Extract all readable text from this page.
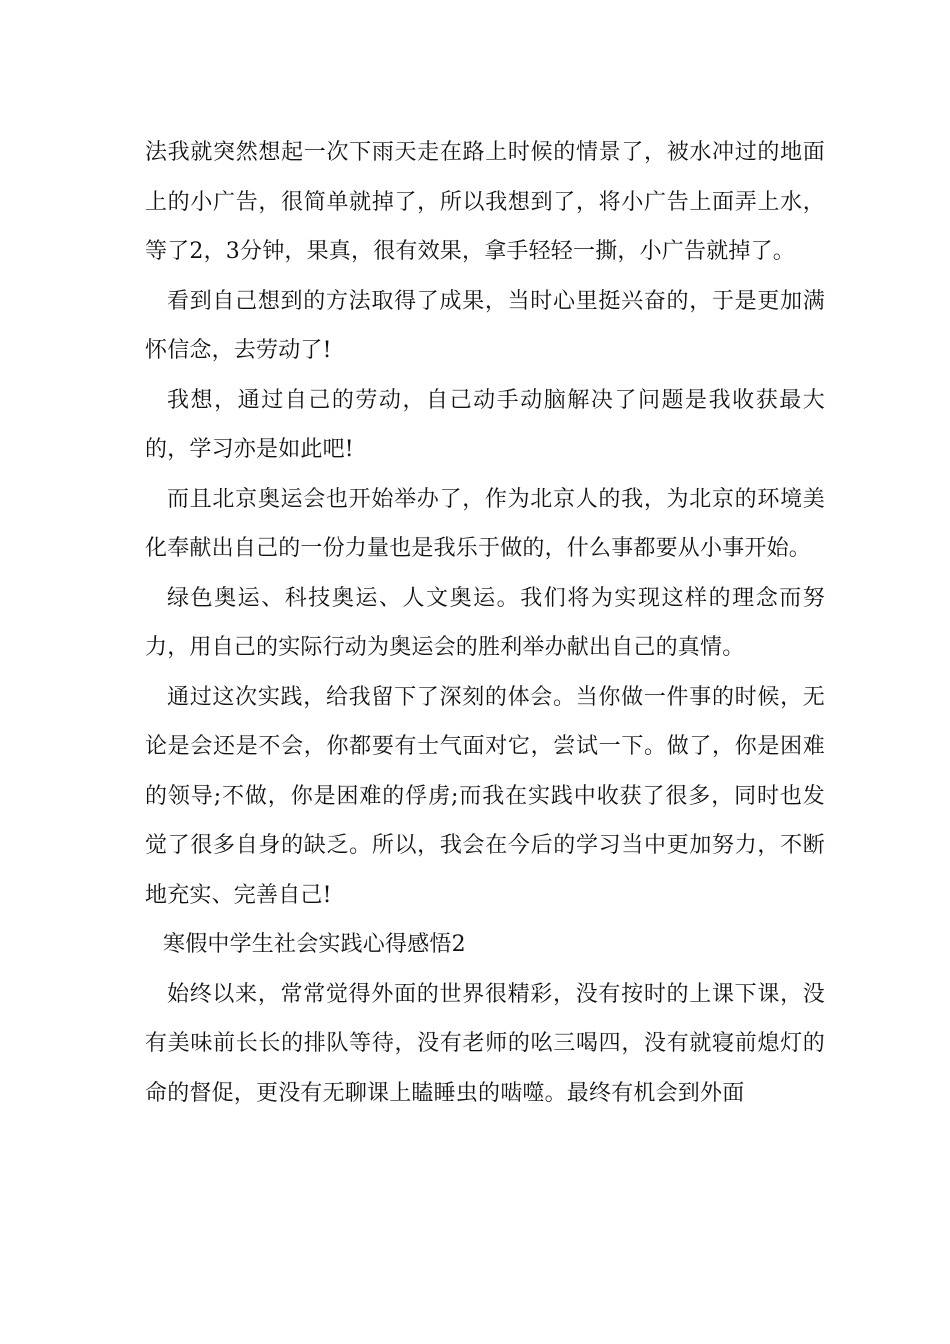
法我就突然想起一次下雨天走在路上时候的情景了，被水冲过的地面上的小广告，很简单就掉了，所以我想到了，将小广告上面弄上水，等了2，3分钟，果真，很有效果，拿手轻轻一撕，小广告就掉了。

看到自己想到的方法取得了成果，当时心里挺兴奋的，于是更加满怀信念，去劳动了!

我想，通过自己的劳动，自己动手动脑解决了问题是我收获最大的，学习亦是如此吧!

而且北京奥运会也开始举办了，作为北京人的我，为北京的环境美化奉献出自己的一份力量也是我乐于做的，什么事都要从小事开始。

绿色奥运、科技奥运、人文奥运。我们将为实现这样的理念而努力，用自己的实际行动为奥运会的胜利举办献出自己的真情。

通过这次实践，给我留下了深刻的体会。当你做一件事的时候，无论是会还是不会，你都要有士气面对它，尝试一下。做了，你是困难的领导;不做，你是困难的俘虏;而我在实践中收获了很多，同时也发觉了很多自身的缺乏。所以，我会在今后的学习当中更加努力，不断地充实、完善自己!

寒假中学生社会实践心得感悟2

始终以来，常常觉得外面的世界很精彩，没有按时的上课下课，没有美味前长长的排队等待，没有老师的吆三喝四，没有就寝前熄灯的命的督促，更没有无聊课上瞌睡虫的啮噬。最终有机会到外面
